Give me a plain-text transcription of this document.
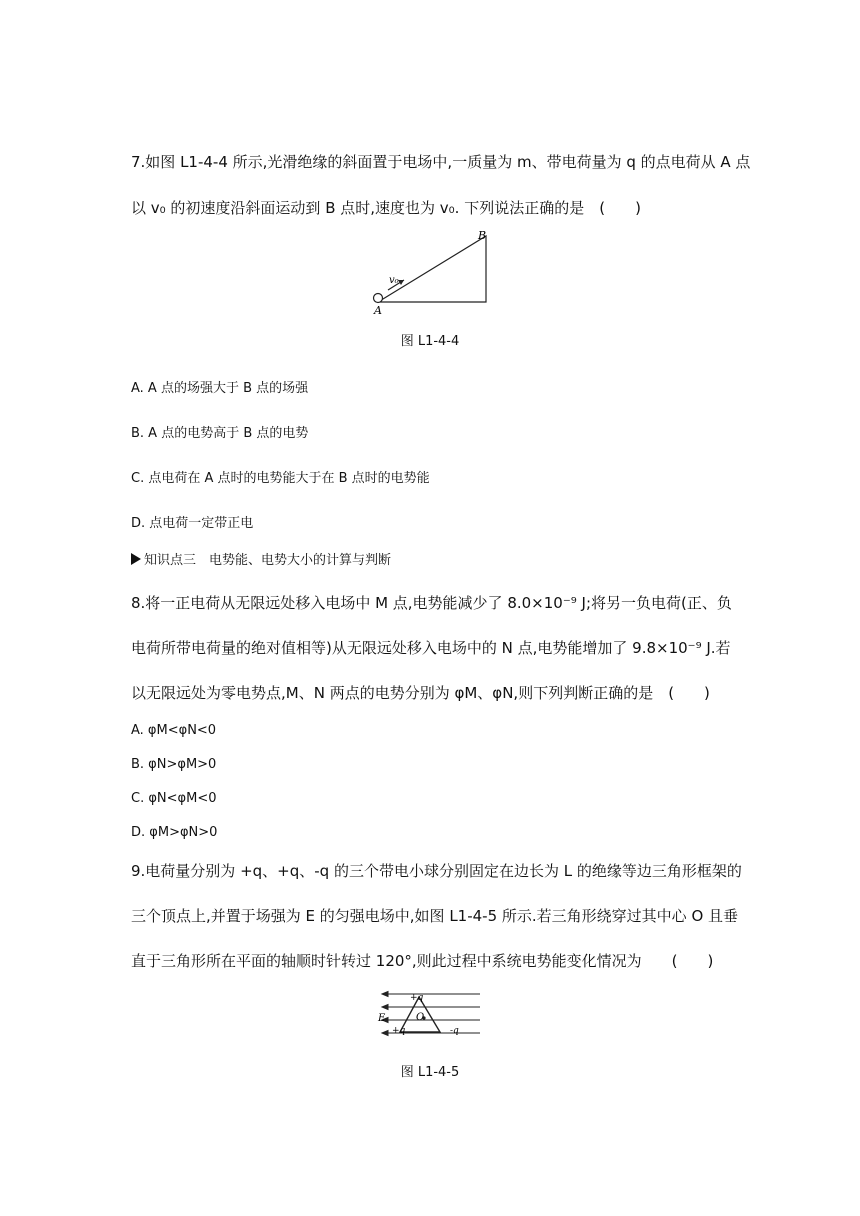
7.如图 L1-4-4 所示,光滑绝缘的斜面置于电场中,一质量为 m、带电荷量为 q 的点电荷从 A 点
以 v₀ 的初速度沿斜面运动到 B 点时,速度也为 v₀. 下列说法正确的是　(　　)
v₀
B
A
图 L1-4-4
A. A 点的场强大于 B 点的场强
B. A 点的电势高于 B 点的电势
C. 点电荷在 A 点时的电势能大于在 B 点时的电势能
D. 点电荷一定带正电
知识点三　电势能、电势大小的计算与判断
8.将一正电荷从无限远处移入电场中 M 点,电势能减少了 8.0×10⁻⁹ J;将另一负电荷(正、负
电荷所带电荷量的绝对值相等)从无限远处移入电场中的 N 点,电势能增加了 9.8×10⁻⁹ J.若
以无限远处为零电势点,M、N 两点的电势分别为 φM、φN,则下列判断正确的是　(　　)
A. φM<φN<0
B. φN>φM>0
C. φN<φM<0
D. φM>φN>0
9.电荷量分别为 +q、+q、-q 的三个带电小球分别固定在边长为 L 的绝缘等边三角形框架的
三个顶点上,并置于场强为 E 的匀强电场中,如图 L1-4-5 所示.若三角形绕穿过其中心 O 且垂
直于三角形所在平面的轴顺时针转过 120°,则此过程中系统电势能变化情况为　　(　　)
+q
+q	-q
O
E
图 L1-4-5
